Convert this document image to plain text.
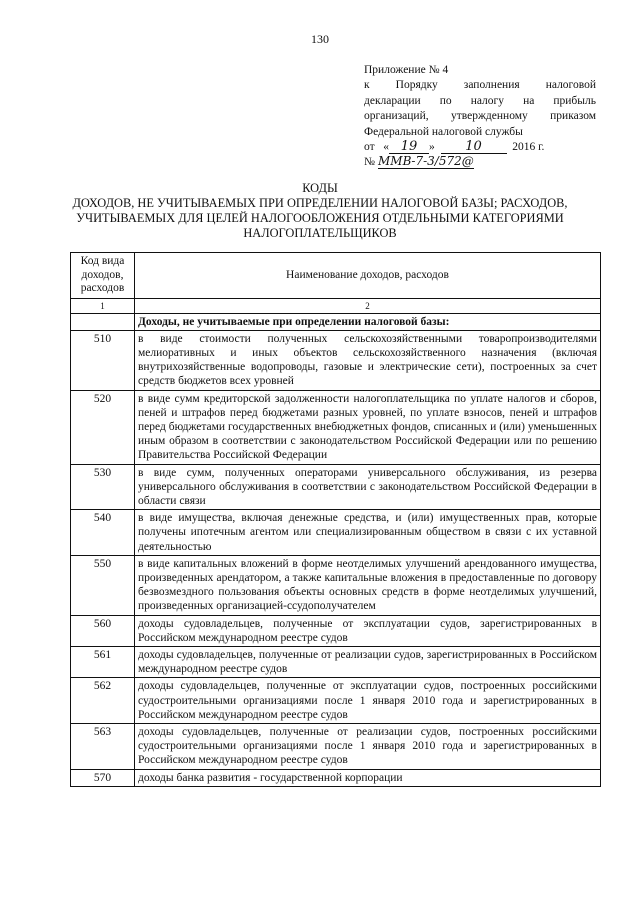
130
Приложение № 4
к Порядку заполнения налоговой
декларации по налогу на прибыль
организаций, утвержденному приказом
Федеральной налоговой службы
от   « 19 »  10	2016 г.
№ ММВ-7-3/572@
КОДЫ
ДОХОДОВ, НЕ УЧИТЫВАЕМЫХ ПРИ ОПРЕДЕЛЕНИИ НАЛОГОВОЙ БАЗЫ; РАСХОДОВ,
УЧИТЫВАЕМЫХ ДЛЯ ЦЕЛЕЙ НАЛОГООБЛОЖЕНИЯ ОТДЕЛЬНЫМИ КАТЕГОРИЯМИ
НАЛОГОПЛАТЕЛЬЩИКОВ
Код вида доходов, расходов	Наименование доходов, расходов
1	2
	Доходы, не учитываемые при определении налоговой базы:
510	в виде стоимости полученных сельскохозяйственными товаропроизводителями мелиоративных и иных объектов сельскохозяйственного назначения (включая внутрихозяйственные водопроводы, газовые и электрические сети), построенных за счет средств бюджетов всех уровней
520	в виде сумм кредиторской задолженности налогоплательщика по уплате налогов и сборов, пеней и штрафов перед бюджетами разных уровней, по уплате взносов, пеней и штрафов перед бюджетами государственных внебюджетных фондов, списанных и (или) уменьшенных иным образом в соответствии с законодательством Российской Федерации или по решению Правительства Российской Федерации
530	в виде сумм, полученных операторами универсального обслуживания, из резерва универсального обслуживания в соответствии с законодательством Российской Федерации в области связи
540	в виде имущества, включая денежные средства, и (или) имущественных прав, которые получены ипотечным агентом или специализированным обществом в связи с их уставной деятельностью
550	в виде капитальных вложений в форме неотделимых улучшений арендованного имущества, произведенных арендатором, а также капитальные вложения в предоставленные по договору безвозмездного пользования объекты основных средств в форме неотделимых улучшений, произведенных организацией-ссудополучателем
560	доходы судовладельцев, полученные от эксплуатации судов, зарегистрированных в Российском международном реестре судов
561	доходы судовладельцев, полученные от реализации судов, зарегистрированных в Российском международном реестре судов
562	доходы судовладельцев, полученные от эксплуатации судов, построенных российскими судостроительными организациями после 1 января 2010 года и зарегистрированных в Российском международном реестре судов
563	доходы судовладельцев, полученные от реализации судов, построенных российскими судостроительными организациями после 1 января 2010 года и зарегистрированных в Российском международном реестре судов
570	доходы банка развития - государственной корпорации
